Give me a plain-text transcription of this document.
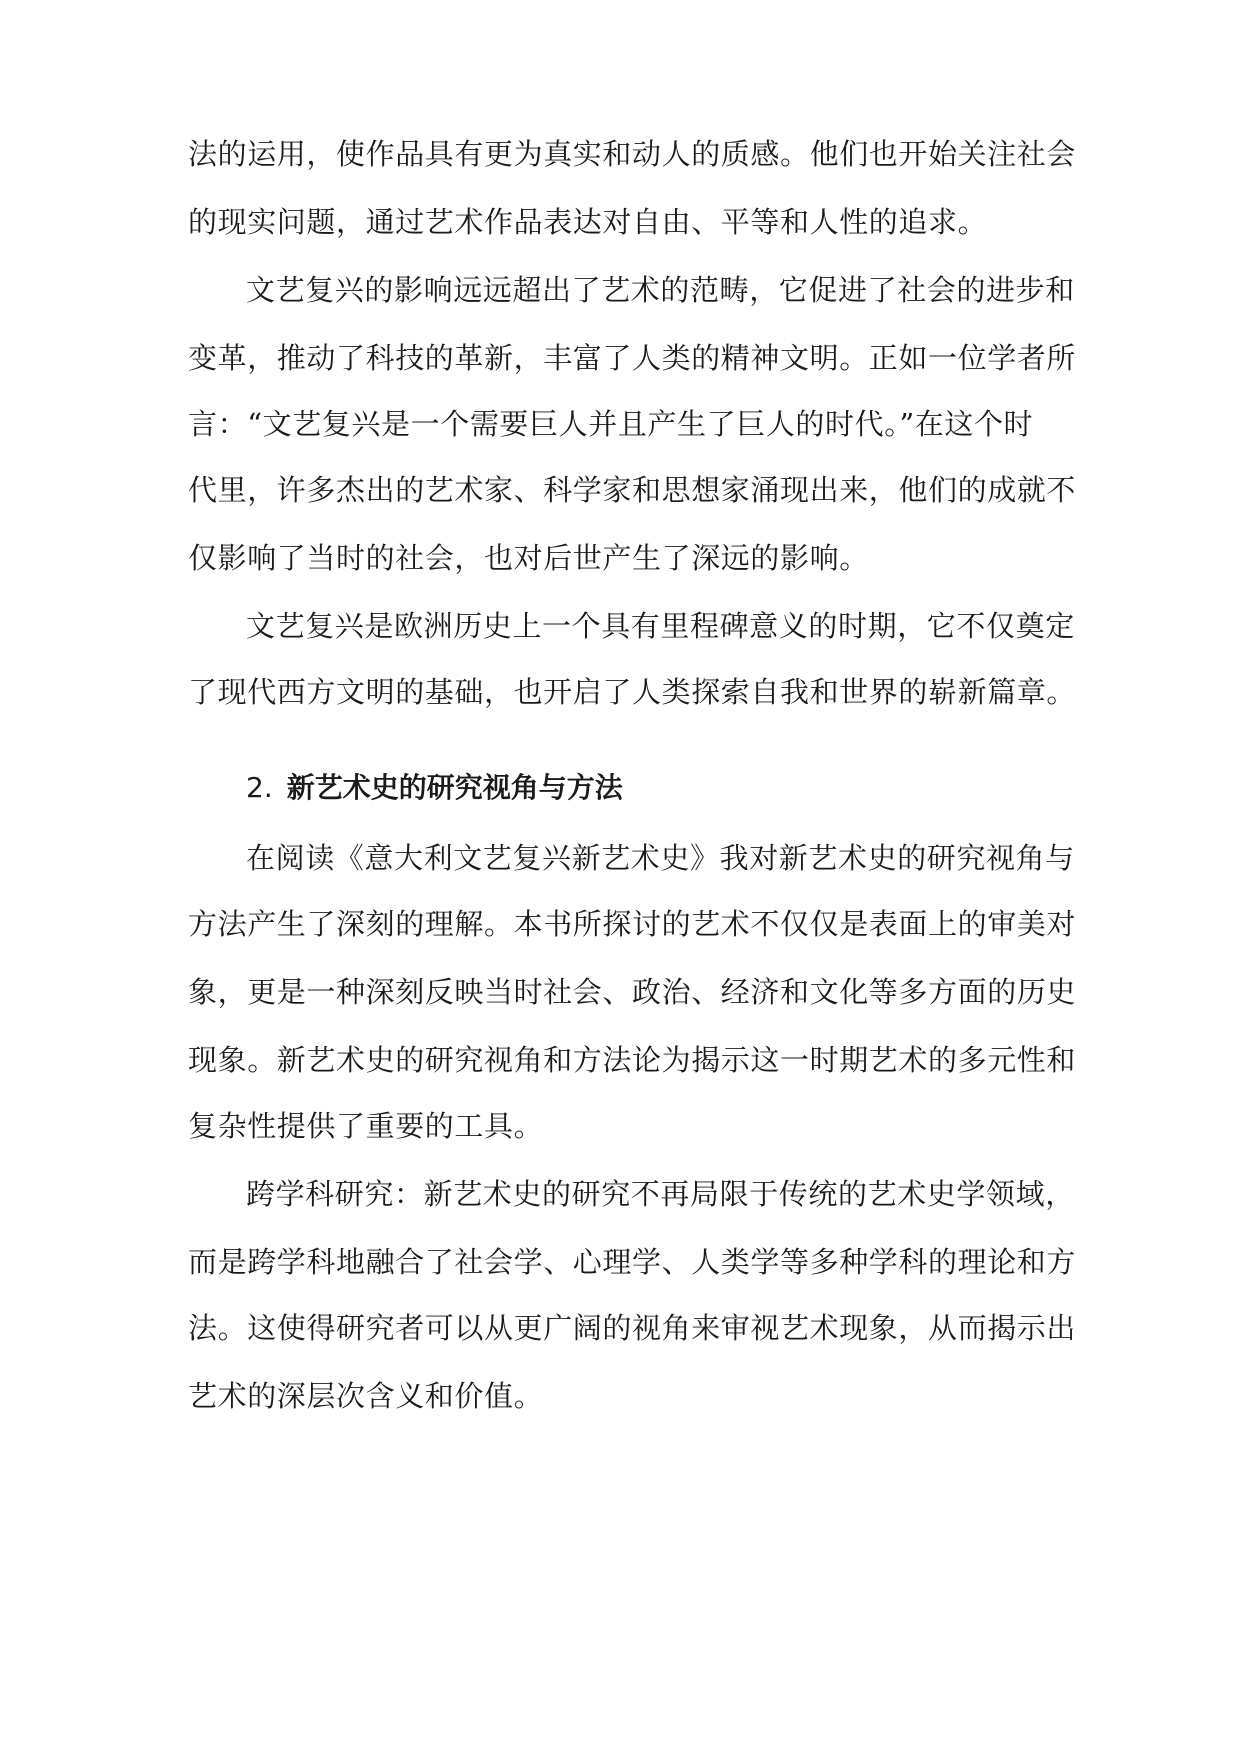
法的运用，使作品具有更为真实和动人的质感。他们也开始关注社会
的现实问题，通过艺术作品表达对自由、平等和人性的追求。
文艺复兴的影响远远超出了艺术的范畴，它促进了社会的进步和
变革，推动了科技的革新，丰富了人类的精神文明。正如一位学者所
言：“文艺复兴是一个需要巨人并且产生了巨人的时代。”在这个时
代里，许多杰出的艺术家、科学家和思想家涌现出来，他们的成就不
仅影响了当时的社会，也对后世产生了深远的影响。
文艺复兴是欧洲历史上一个具有里程碑意义的时期，它不仅奠定
了现代西方文明的基础，也开启了人类探索自我和世界的崭新篇章。
2. 新艺术史的研究视角与方法
在阅读《意大利文艺复兴新艺术史》我对新艺术史的研究视角与
方法产生了深刻的理解。本书所探讨的艺术不仅仅是表面上的审美对
象，更是一种深刻反映当时社会、政治、经济和文化等多方面的历史
现象。新艺术史的研究视角和方法论为揭示这一时期艺术的多元性和
复杂性提供了重要的工具。
跨学科研究：新艺术史的研究不再局限于传统的艺术史学领域，
而是跨学科地融合了社会学、心理学、人类学等多种学科的理论和方
法。这使得研究者可以从更广阔的视角来审视艺术现象，从而揭示出
艺术的深层次含义和价值。
